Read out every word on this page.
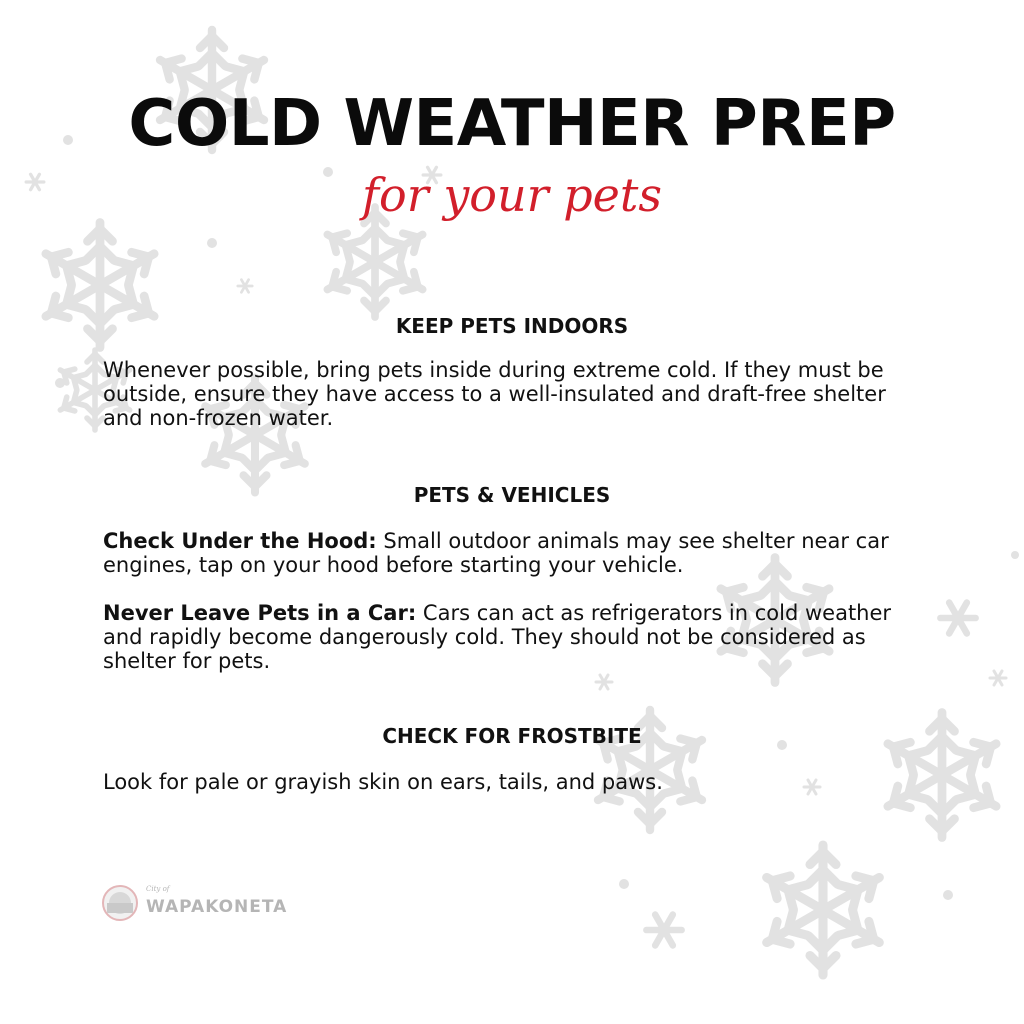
COLD WEATHER PREP
for your pets
KEEP PETS INDOORS

Whenever possible, bring pets inside during extreme cold. If they must be outside, ensure they have access to a well-insulated and draft-free shelter and non-frozen water.

PETS & VEHICLES

Check Under the Hood: Small outdoor animals may see shelter near car engines, tap on your hood before starting your vehicle.

Never Leave Pets in a Car: Cars can act as refrigerators in cold weather and rapidly become dangerously cold. They should not be considered as shelter for pets.

CHECK FOR FROSTBITE

Look for pale or grayish skin on ears, tails, and paws.

City of
WAPAKONETA
